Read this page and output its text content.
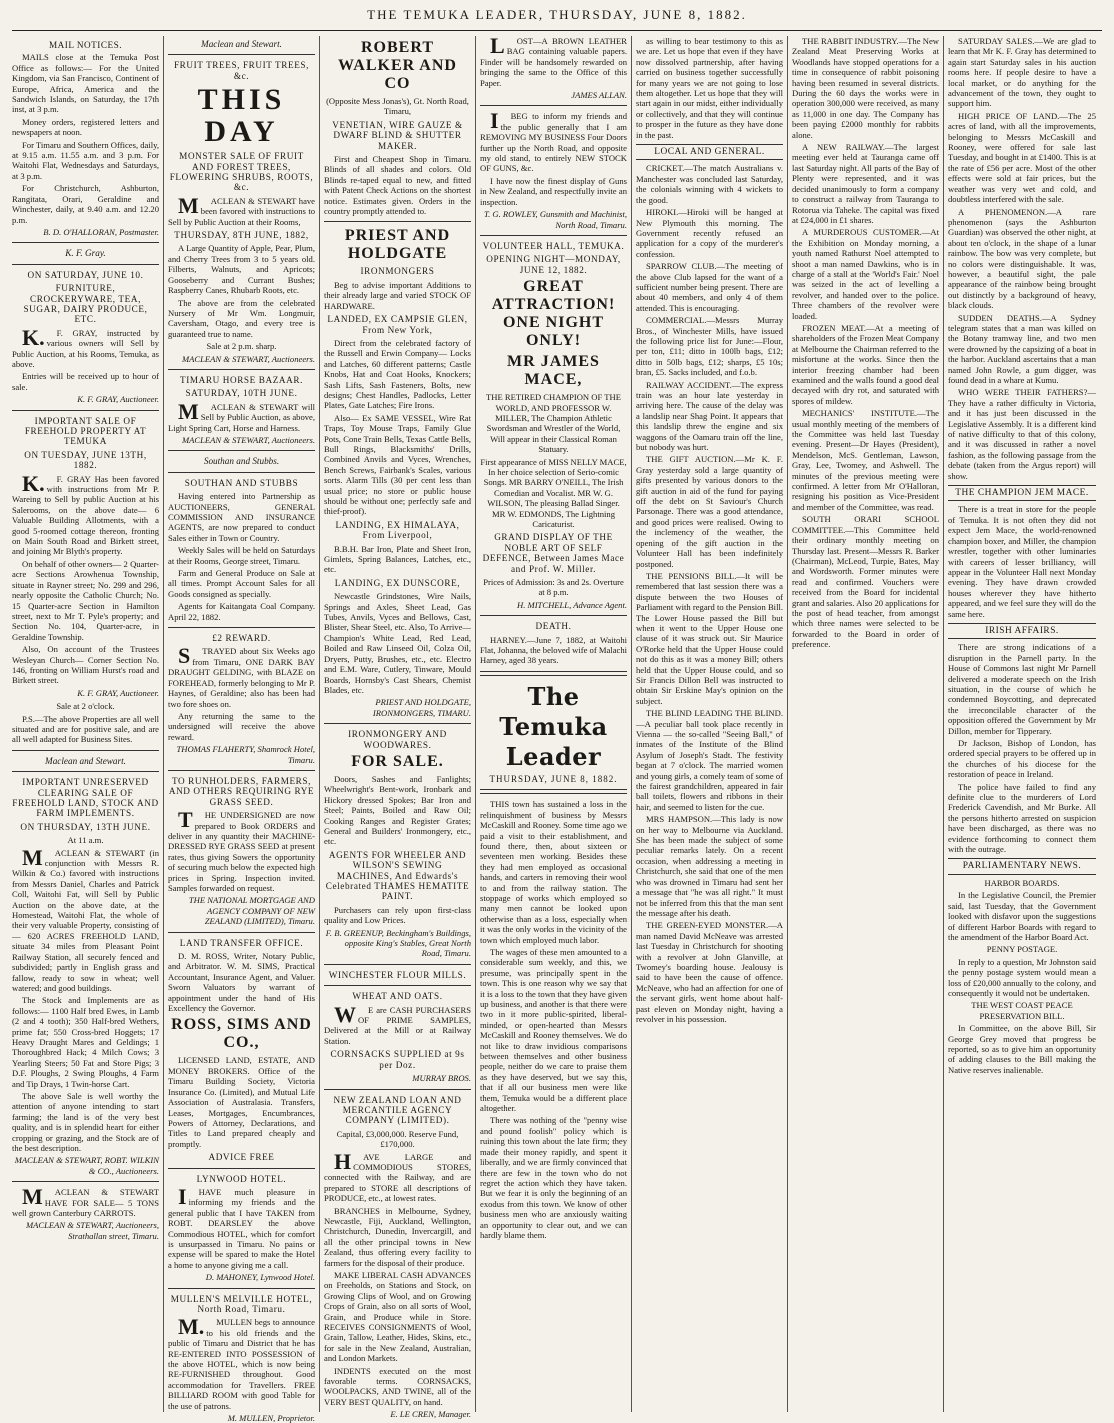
THE TEMUKA LEADER, THURSDAY, JUNE 8, 1882.
MAIL NOTICES.
MAILS close at the Temuka Post Office as follows:— For the United Kingdom, via San Francisco, Continent of Europe, Africa, America and the Sandwich Islands, on Saturday, the 17th inst, at 3 p.m.
Money orders, registered letters and newspapers at noon.
For Timaru and Southern Offices, daily, at 9.15 a.m. 11.55 a.m. and 3 p.m. For Waitohi Flat, Wednesdays and Saturdays, at 3 p.m.
For Christchurch, Ashburton, Rangitata, Orari, Geraldine and Winchester, daily, at 9.40 a.m. and 12.20 p.m.
B. D. O'HALLORAN, Postmaster.
K. F. Gray.
ON SATURDAY, JUNE 10.
FURNITURE, CROCKERYWARE, TEA, SUGAR, DAIRY PRODUCE, ETC.
K.F. GRAY, instructed by various owners will Sell by Public Auction, at his Rooms, Temuka, as above.
Entries will be received up to hour of sale.
K. F. GRAY, Auctioneer.
IMPORTANT SALE OF FREEHOLD PROPERTY AT TEMUKA
ON TUESDAY, JUNE 13TH, 1882.
K.F. GRAY Has been favored with instructions from Mr P. Wareing to Sell by public Auction at his Salerooms, on the above date— 6 Valuable Building Allotments, with a good 5-roomed cottage thereon, fronting on Main South Road and Birkett street, and joining Mr Blyth's property.
On behalf of other owners— 2 Quarter-acre Sections Arowhenua Township, situate in Rayner street; No. 299 and 296, nearly opposite the Catholic Church; No. 15 Quarter-acre Section in Hamilton street, next to Mr T. Pyle's property; and Section No. 104, Quarter-acre, in Geraldine Township.
Also, On account of the Trustees Wesleyan Church— Corner Section No. 146, fronting on William Hurst's road and Birkett street.
K. F. GRAY, Auctioneer.
Sale at 2 o'clock.
P.S.—The above Properties are all well situated and are for positive sale, and are all well adapted for Business Sites.
Maclean and Stewart.
IMPORTANT UNRESERVED CLEARING SALE OF FREEHOLD LAND, STOCK AND FARM IMPLEMENTS.
ON THURSDAY, 13TH JUNE.
At 11 a.m.
MACLEAN & STEWART (in conjunction with Messrs R. Wilkin & Co.) favored with instructions from Messrs Daniel, Charles and Patrick Coll, Waitohi Fat, will Sell by Public Auction on the above date, at the Homestead, Waitohi Flat, the whole of their very valuable Property, consisting of— 620 ACRES FREEHOLD LAND, situate 34 miles from Pleasant Point Railway Station, all securely fenced and subdivided; partly in English grass and fallow, ready to sow in wheat; well watered; and good buildings.
The Stock and Implements are as follows:— 1100 Half bred Ewes, in Lamb (2 and 4 tooth); 350 Half-bred Wethers, prime fat; 550 Cross-bred Hoggets; 17 Heavy Draught Mares and Geldings; 1 Thoroughbred Hack; 4 Milch Cows; 3 Yearling Steers; 50 Fat and Store Pigs; 3 D.F. Ploughs, 2 Swing Ploughs, 4 Farm and Tip Drays, 1 Twin-horse Cart.
The above Sale is well worthy the attention of anyone intending to start farming; the land is of the very best quality, and is in splendid heart for either cropping or grazing, and the Stock are of the best description.
MACLEAN & STEWART, ROBT. WILKIN & CO., Auctioneers.
MACLEAN & STEWART HAVE FOR SALE— 5 TONS well grown Canterbury CARROTS.
MACLEAN & STEWART, Auctioneers, Strathallan street, Timaru.
Maclean and Stewart.
FRUIT TREES, FRUIT TREES, &c.
THIS DAY
MONSTER SALE OF FRUIT AND FOREST TREES, FLOWERING SHRUBS, ROOTS, &c.
MACLEAN & STEWART have been favored with instructions to Sell by Public Auction at their Rooms,
THURSDAY, 8TH JUNE, 1882,
A Large Quantity of Apple, Pear, Plum, and Cherry Trees from 3 to 5 years old. Filberts, Walnuts, and Apricots; Gooseberry and Currant Bushes; Raspberry Canes, Rhubarb Roots, etc.
The above are from the celebrated Nursery of Mr Wm. Longmuir, Caversham, Otago, and every tree is guaranteed true to name.
Sale at 2 p.m. sharp.
MACLEAN & STEWART, Auctioneers.
TIMARU HORSE BAZAAR.
SATURDAY, 10TH JUNE.
MACLEAN & STEWART will Sell by Public Auction, as above, Light Spring Cart, Horse and Harness.
MACLEAN & STEWART, Auctioneers.
Southan and Stubbs.
SOUTHAN AND STUBBS
Having entered into Partnership as AUCTIONEERS, GENERAL COMMISSION AND INSURANCE AGENTS, are now prepared to conduct Sales either in Town or Country.
Weekly Sales will be held on Saturdays at their Rooms, George street, Timaru.
Farm and General Produce on Sale at all times. Prompt Account Sales for all Goods consigned as specially.
Agents for Kaitangata Coal Company. April 22, 1882.
£2 REWARD.
STRAYED about Six Weeks ago from Timaru, ONE DARK BAY DRAUGHT GELDING, with BLAZE on FOREHEAD, formerly belonging to Mr P. Haynes, of Geraldine; also has been had two fore shoes on.
Any returning the same to the undersigned will receive the above reward.
THOMAS FLAHERTY, Shamrock Hotel, Timaru.
TO RUNHOLDERS, FARMERS, AND OTHERS REQUIRING RYE GRASS SEED.
THE UNDERSIGNED are now prepared to Book ORDERS and deliver in any quantity their MACHINE-DRESSED RYE GRASS SEED at present rates, thus giving Sowers the opportunity of securing much below the expected high prices in Spring. Inspection invited. Samples forwarded on request.
THE NATIONAL MORTGAGE AND AGENCY COMPANY OF NEW ZEALAND (LIMITED), Timaru.
LAND TRANSFER OFFICE.
D. M. ROSS, Writer, Notary Public, and Arbitrator. W. M. SIMS, Practical Accountant, Insurance Agent, and Valuer. Sworn Valuators by warrant of appointment under the hand of His Excellency the Governor.
ROSS, SIMS AND CO.,
LICENSED LAND, ESTATE, AND MONEY BROKERS. Office of the Timaru Building Society, Victoria Insurance Co. (Limited), and Mutual Life Association of Australasia. Transfers, Leases, Mortgages, Encumbrances, Powers of Attorney, Declarations, and Titles to Land prepared cheaply and promptly.
ADVICE FREE
LYNWOOD HOTEL.
IHAVE much pleasure in informing my friends and the general public that I have TAKEN from ROBT. DEARSLEY the above Commodious HOTEL, which for comfort is unsurpassed in Timaru. No pains or expense will be spared to make the Hotel a home to anyone giving me a call.
D. MAHONEY, Lynwood Hotel.
MULLEN'S MELVILLE HOTEL, North Road, Timaru.
M.MULLEN begs to announce to his old friends and the public of Timaru and District that he has RE-ENTERED INTO POSSESSION of the above HOTEL, which is now being RE-FURNISHED throughout. Good accommodation for Travellers. FREE BILLIARD ROOM with good Table for the use of patrons.
M. MULLEN, Proprietor.
ROBERT WALKER AND CO
(Opposite Mess Jonas's), Gt. North Road, Timaru,
VENETIAN, WIRE GAUZE & DWARF BLIND & SHUTTER MAKER.
First and Cheapest Shop in Timaru. Blinds of all shades and colors. Old Blinds re-taped equal to new, and fitted with Patent Check Actions on the shortest notice. Estimates given. Orders in the country promptly attended to.
PRIEST AND HOLDGATE
IRONMONGERS
Beg to advise important Additions to their already large and varied STOCK OF HARDWARE.
LANDED, EX CAMPSIE GLEN, From New York,
Direct from the celebrated factory of the Russell and Erwin Company— Locks and Latches, 60 different patterns; Castle Knobs, Hat and Coat Hooks, Knockers; Sash Lifts, Sash Fasteners, Bolts, new designs; Chest Handles, Padlocks, Letter Plates, Gate Latches; Fire Irons.
Also— Ex SAME VESSEL, Wire Rat Traps, Toy Mouse Traps, Family Glue Pots, Cone Train Bells, Texas Cattle Bells, Bull Rings, Blacksmiths' Drills, Combined Anvils and Vyces, Wrenches, Bench Screws, Fairbank's Scales, various sorts. Alarm Tills (30 per cent less than usual price; no store or public house should be without one; perfectly safe and thief-proof).
LANDING, EX HIMALAYA, From Liverpool,
B.B.H. Bar Iron, Plate and Sheet Iron, Gimlets, Spring Balances, Latches, etc., etc.
LANDING, EX DUNSCORE,
Newcastle Grindstones, Wire Nails, Springs and Axles, Sheet Lead, Gas Tubes, Anvils, Vyces and Bellows, Cast, Blister, Shear Steel, etc. Also, To Arrive— Champion's White Lead, Red Lead, Boiled and Raw Linseed Oil, Colza Oil, Dryers, Putty, Brushes, etc., etc. Electro and E.M. Ware, Cutlery, Tinware, Mould Boards, Hornsby's Cast Shears, Chemist Blades, etc.
PRIEST AND HOLDGATE, IRONMONGERS, TIMARU.
IRONMONGERY AND WOODWARES.
FOR SALE.
Doors, Sashes and Fanlights; Wheelwright's Bent-work, Ironbark and Hickory dressed Spokes; Bar Iron and Steel; Paints, Boiled and Raw Oil; Cooking Ranges and Register Grates; General and Builders' Ironmongery, etc., etc.
AGENTS FOR WHEELER AND WILSON'S SEWING MACHINES, And Edwards's Celebrated THAMES HEMATITE PAINT.
Purchasers can rely upon first-class quality and Low Prices.
F. B. GREENUP, Beckingham's Buildings, opposite King's Stables, Great North Road, Timaru.
WINCHESTER FLOUR MILLS.
WHEAT AND OATS.
WE are CASH PURCHASERS OF PRIME SAMPLES, Delivered at the Mill or at Railway Station.
CORNSACKS SUPPLIED at 9s per Doz.
MURRAY BROS.
NEW ZEALAND LOAN AND MERCANTILE AGENCY COMPANY (LIMITED).
Capital, £3,000,000. Reserve Fund, £170,000.
HAVE LARGE and COMMODIOUS STORES, connected with the Railway, and are prepared to STORE all descriptions of PRODUCE, etc., at lowest rates.
BRANCHES in Melbourne, Sydney, Newcastle, Fiji, Auckland, Wellington, Christchurch, Dunedin, Invercargill, and all the other principal towns in New Zealand, thus offering every facility to farmers for the disposal of their produce.
MAKE LIBERAL CASH ADVANCES on Freeholds, on Stations and Stock, on Growing Clips of Wool, and on Growing Crops of Grain, also on all sorts of Wool, Grain, and Produce while in Store. RECEIVES CONSIGNMENTS of Wool, Grain, Tallow, Leather, Hides, Skins, etc., for sale in the New Zealand, Australian, and London Markets.
INDENTS executed on the most favorable terms. CORNSACKS, WOOLPACKS, AND TWINE, all of the VERY BEST QUALITY, on hand.
E. LE CREN, Manager.
LOST—A BROWN LEATHER BAG containing valuable papers. Finder will be handsomely rewarded on bringing the same to the Office of this Paper.
JAMES ALLAN.
IBEG to inform my friends and the public generally that I am REMOVING MY BUSINESS Four Doors further up the North Road, and opposite my old stand, to entirely NEW STOCK OF GUNS, &c.
I have now the finest display of Guns in New Zealand, and respectfully invite an inspection.
T. G. ROWLEY, Gunsmith and Machinist, North Road, Timaru.
VOLUNTEER HALL, TEMUKA.
OPENING NIGHT—MONDAY, JUNE 12, 1882.
GREAT ATTRACTION! ONE NIGHT ONLY!
MR JAMES MACE,
THE RETIRED CHAMPION OF THE WORLD, AND PROFESSOR W. MILLER, The Champion Athletic Swordsman and Wrestler of the World, Will appear in their Classical Roman Statuary.
First appearance of MISS NELLY MACE, In her choice selection of Serio-comic Songs. MR BARRY O'NEILL, The Irish Comedian and Vocalist. MR W. G. WILSON, The pleasing Ballad Singer. MR W. EDMONDS, The Lightning Caricaturist.
GRAND DISPLAY OF THE NOBLE ART OF SELF DEFENCE, Between James Mace and Prof. W. Miller.
Prices of Admission: 3s and 2s. Overture at 8 p.m.
H. MITCHELL, Advance Agent.
DEATH.
HARNEY.—June 7, 1882, at Waitohi Flat, Johanna, the beloved wife of Malachi Harney, aged 38 years.
The Temuka Leader
THURSDAY, JUNE 8, 1882.
THIS town has sustained a loss in the relinquishment of business by Messrs McCaskill and Rooney. Some time ago we paid a visit to their establishment, and found there, then, about sixteen or seventeen men working. Besides these they had men employed as occasional hands, and carters in removing their wool to and from the railway station. The stoppage of works which employed so many men cannot be looked upon otherwise than as a loss, especially when it was the only works in the vicinity of the town which employed much labor.
The wages of these men amounted to a considerable sum weekly, and this, we presume, was principally spent in the town. This is one reason why we say that it is a loss to the town that they have given up business, and another is that there were two in it more public-spirited, liberal-minded, or open-hearted than Messrs McCaskill and Rooney themselves. We do not like to draw invidious comparisons between themselves and other business people, neither do we care to praise them as they have deserved, but we say this, that if all our business men were like them, Temuka would be a different place altogether.
There was nothing of the "penny wise and pound foolish" policy which is ruining this town about the late firm; they made their money rapidly, and spent it liberally, and we are firmly convinced that there are few in the town who do not regret the action which they have taken. But we fear it is only the beginning of an exodus from this town. We know of other business men who are anxiously waiting an opportunity to clear out, and we can hardly blame them.
as willing to bear testimony to this as we are. Let us hope that even if they have now dissolved partnership, after having carried on business together successfully for many years we are not going to lose them altogether. Let us hope that they will start again in our midst, either individually or collectively, and that they will continue to prosper in the future as they have done in the past.
LOCAL AND GENERAL.
CRICKET.—The match Australians v. Manchester was concluded last Saturday, the colonials winning with 4 wickets to the good.
HIROKI.—Hiroki will be hanged at New Plymouth this morning. The Government recently refused an application for a copy of the murderer's confession.
SPARROW CLUB.—The meeting of the above Club lapsed for the want of a sufficient number being present. There are about 40 members, and only 4 of them attended. This is encouraging.
COMMERCIAL.—Messrs Murray Bros., of Winchester Mills, have issued the following price list for June:—Flour, per ton, £11; ditto in 100lb bags, £12; ditto in 50lb bags, £12; sharps, £5 10s; bran, £5. Sacks included, and f.o.b.
RAILWAY ACCIDENT.—The express train was an hour late yesterday in arriving here. The cause of the delay was a landslip near Shag Point. It appears that this landslip threw the engine and six waggons of the Oamaru train off the line, but nobody was hurt.
THE GIFT AUCTION.—Mr K. F. Gray yesterday sold a large quantity of gifts presented by various donors to the gift auction in aid of the fund for paying off the debt on St Saviour's Church Parsonage. There was a good attendance, and good prices were realised. Owing to the inclemency of the weather, the opening of the gift auction in the Volunteer Hall has been indefinitely postponed.
THE PENSIONS BILL.—It will be remembered that last session there was a dispute between the two Houses of Parliament with regard to the Pension Bill. The Lower House passed the Bill but when it went to the Upper House one clause of it was struck out. Sir Maurice O'Rorke held that the Upper House could not do this as it was a money Bill; others held that the Upper House could, and so Sir Francis Dillon Bell was instructed to obtain Sir Erskine May's opinion on the subject.
THE BLIND LEADING THE BLIND.—A peculiar ball took place recently in Vienna — the so-called "Seeing Ball," of inmates of the Institute of the Blind Asylum of Joseph's Stadt. The festivity began at 7 o'clock. The married women and young girls, a comely team of some of the fairest grandchildren, appeared in fair ball toilets, flowers and ribbons in their hair, and seemed to listen for the cue.
MRS HAMPSON.—This lady is now on her way to Melbourne via Auckland. She has been made the subject of some peculiar remarks lately. On a recent occasion, when addressing a meeting in Christchurch, she said that one of the men who was drowned in Timaru had sent her a message that "he was all right." It must not be inferred from this that the man sent the message after his death.
THE GREEN-EYED MONSTER.—A man named David McNeave was arrested last Tuesday in Christchurch for shooting with a revolver at John Glanville, at Twomey's boarding house. Jealousy is said to have been the cause of offence. McNeave, who had an affection for one of the servant girls, went home about half-past eleven on Monday night, having a revolver in his possession.
THE RABBIT INDUSTRY.—The New Zealand Meat Preserving Works at Woodlands have stopped operations for a time in consequence of rabbit poisoning having been resumed in several districts. During the 60 days the works were in operation 300,000 were received, as many as 11,000 in one day. The Company has been paying £2000 monthly for rabbits alone.
A NEW RAILWAY.—The largest meeting ever held at Tauranga came off last Saturday night. All parts of the Bay of Plenty were represented, and it was decided unanimously to form a company to construct a railway from Tauranga to Rotorua via Taheke. The capital was fixed at £24,000 in £1 shares.
A MURDEROUS CUSTOMER.—At the Exhibition on Monday morning, a youth named Rathurst Noel attempted to shoot a man named Dawkins, who is in charge of a stall at the 'World's Fair.' Noel was seized in the act of levelling a revolver, and handed over to the police. Three chambers of the revolver were loaded.
FROZEN MEAT.—At a meeting of shareholders of the Frozen Meat Company at Melbourne the Chairman referred to the misfortune at the works. Since then the interior freezing chamber had been examined and the walls found a good deal decayed with dry rot, and saturated with spores of mildew.
MECHANICS' INSTITUTE.—The usual monthly meeting of the members of the Committee was held last Tuesday evening. Present—Dr Hayes (President), Mendelson, McS. Gentleman, Lawson, Gray, Lee, Twomey, and Ashwell. The minutes of the previous meeting were confirmed. A letter from Mr O'Halloran, resigning his position as Vice-President and member of the Committee, was read.
SOUTH ORARI SCHOOL COMMITTEE.—This Committee held their ordinary monthly meeting on Thursday last. Present—Messrs R. Barker (Chairman), McLeod, Turpie, Bates, May and Wordsworth. Former minutes were read and confirmed. Vouchers were received from the Board for incidental grant and salaries. Also 20 applications for the post of head teacher, from amongst which three names were selected to be forwarded to the Board in order of preference.
SATURDAY SALES.—We are glad to learn that Mr K. F. Gray has determined to again start Saturday sales in his auction rooms here. If people desire to have a local market, or do anything for the advancement of the town, they ought to support him.
HIGH PRICE OF LAND.—The 25 acres of land, with all the improvements, belonging to Messrs McCaskill and Rooney, were offered for sale last Tuesday, and bought in at £1400. This is at the rate of £56 per acre. Most of the other effects were sold at fair prices, but the weather was very wet and cold, and doubtless interfered with the sale.
A PHENOMENON.—A rare phenomenon (says the Ashburton Guardian) was observed the other night, at about ten o'clock, in the shape of a lunar rainbow. The bow was very complete, but no colors were distinguishable. It was, however, a beautiful sight, the pale appearance of the rainbow being brought out distinctly by a background of heavy, black clouds.
SUDDEN DEATHS.—A Sydney telegram states that a man was killed on the Botany tramway line, and two men were drowned by the capsizing of a boat in the harbor. Auckland ascertains that a man named John Rowle, a gum digger, was found dead in a whare at Kumu.
WHO WERE THEIR FATHERS?—They have a rather difficulty in Victoria, and it has just been discussed in the Legislative Assembly. It is a different kind of native difficulty to that of this colony, and it was discussed in rather a novel fashion, as the following passage from the debate (taken from the Argus report) will show.
THE CHAMPION JEM MACE.
There is a treat in store for the people of Temuka. It is not often they did not expect Jem Mace, the world-renowned champion boxer, and Miller, the champion wrestler, together with other luminaries with careers of lesser brilliancy, will appear in the Volunteer Hall next Monday evening. They have drawn crowded houses wherever they have hitherto appeared, and we feel sure they will do the same here.
IRISH AFFAIRS.
There are strong indications of a disruption in the Parnell party. In the House of Commons last night Mr Parnell delivered a moderate speech on the Irish situation, in the course of which he condemned Boycotting, and deprecated the irreconcilable character of the opposition offered the Government by Mr Dillon, member for Tipperary.
Dr Jackson, Bishop of London, has ordered special prayers to be offered up in the churches of his diocese for the restoration of peace in Ireland.
The police have failed to find any definite clue to the murderers of Lord Frederick Cavendish, and Mr Burke. All the persons hitherto arrested on suspicion have been discharged, as there was no evidence forthcoming to connect them with the outrage.
PARLIAMENTARY NEWS.
HARBOR BOARDS.
In the Legislative Council, the Premier said, last Tuesday, that the Government looked with disfavor upon the suggestions of different Harbor Boards with regard to the amendment of the Harbor Board Act.
PENNY POSTAGE.
In reply to a question, Mr Johnston said the penny postage system would mean a loss of £20,000 annually to the colony, and consequently it would not be undertaken.
THE WEST COAST PEACE PRESERVATION BILL.
In Committee, on the above Bill, Sir George Grey moved that progress be reported, so as to give him an opportunity of adding clauses to the Bill making the Native reserves inalienable.
